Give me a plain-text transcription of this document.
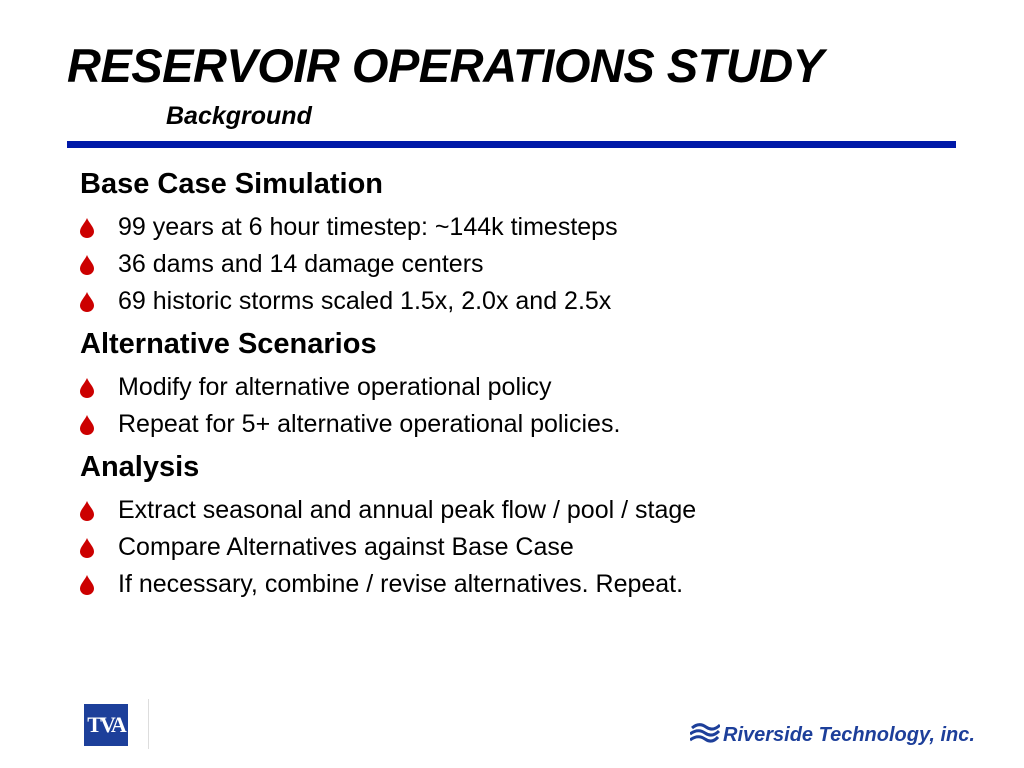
RESERVOIR OPERATIONS STUDY
Background
Base Case Simulation
99 years at 6 hour timestep: ~144k timesteps
36 dams and 14 damage centers
69 historic storms scaled 1.5x, 2.0x and 2.5x
Alternative Scenarios
Modify for alternative operational policy
Repeat for 5+ alternative operational policies.
Analysis
Extract seasonal and annual peak flow / pool / stage
Compare Alternatives against Base Case
If necessary, combine / revise alternatives. Repeat.
TVA	Riverside Technology, inc.
